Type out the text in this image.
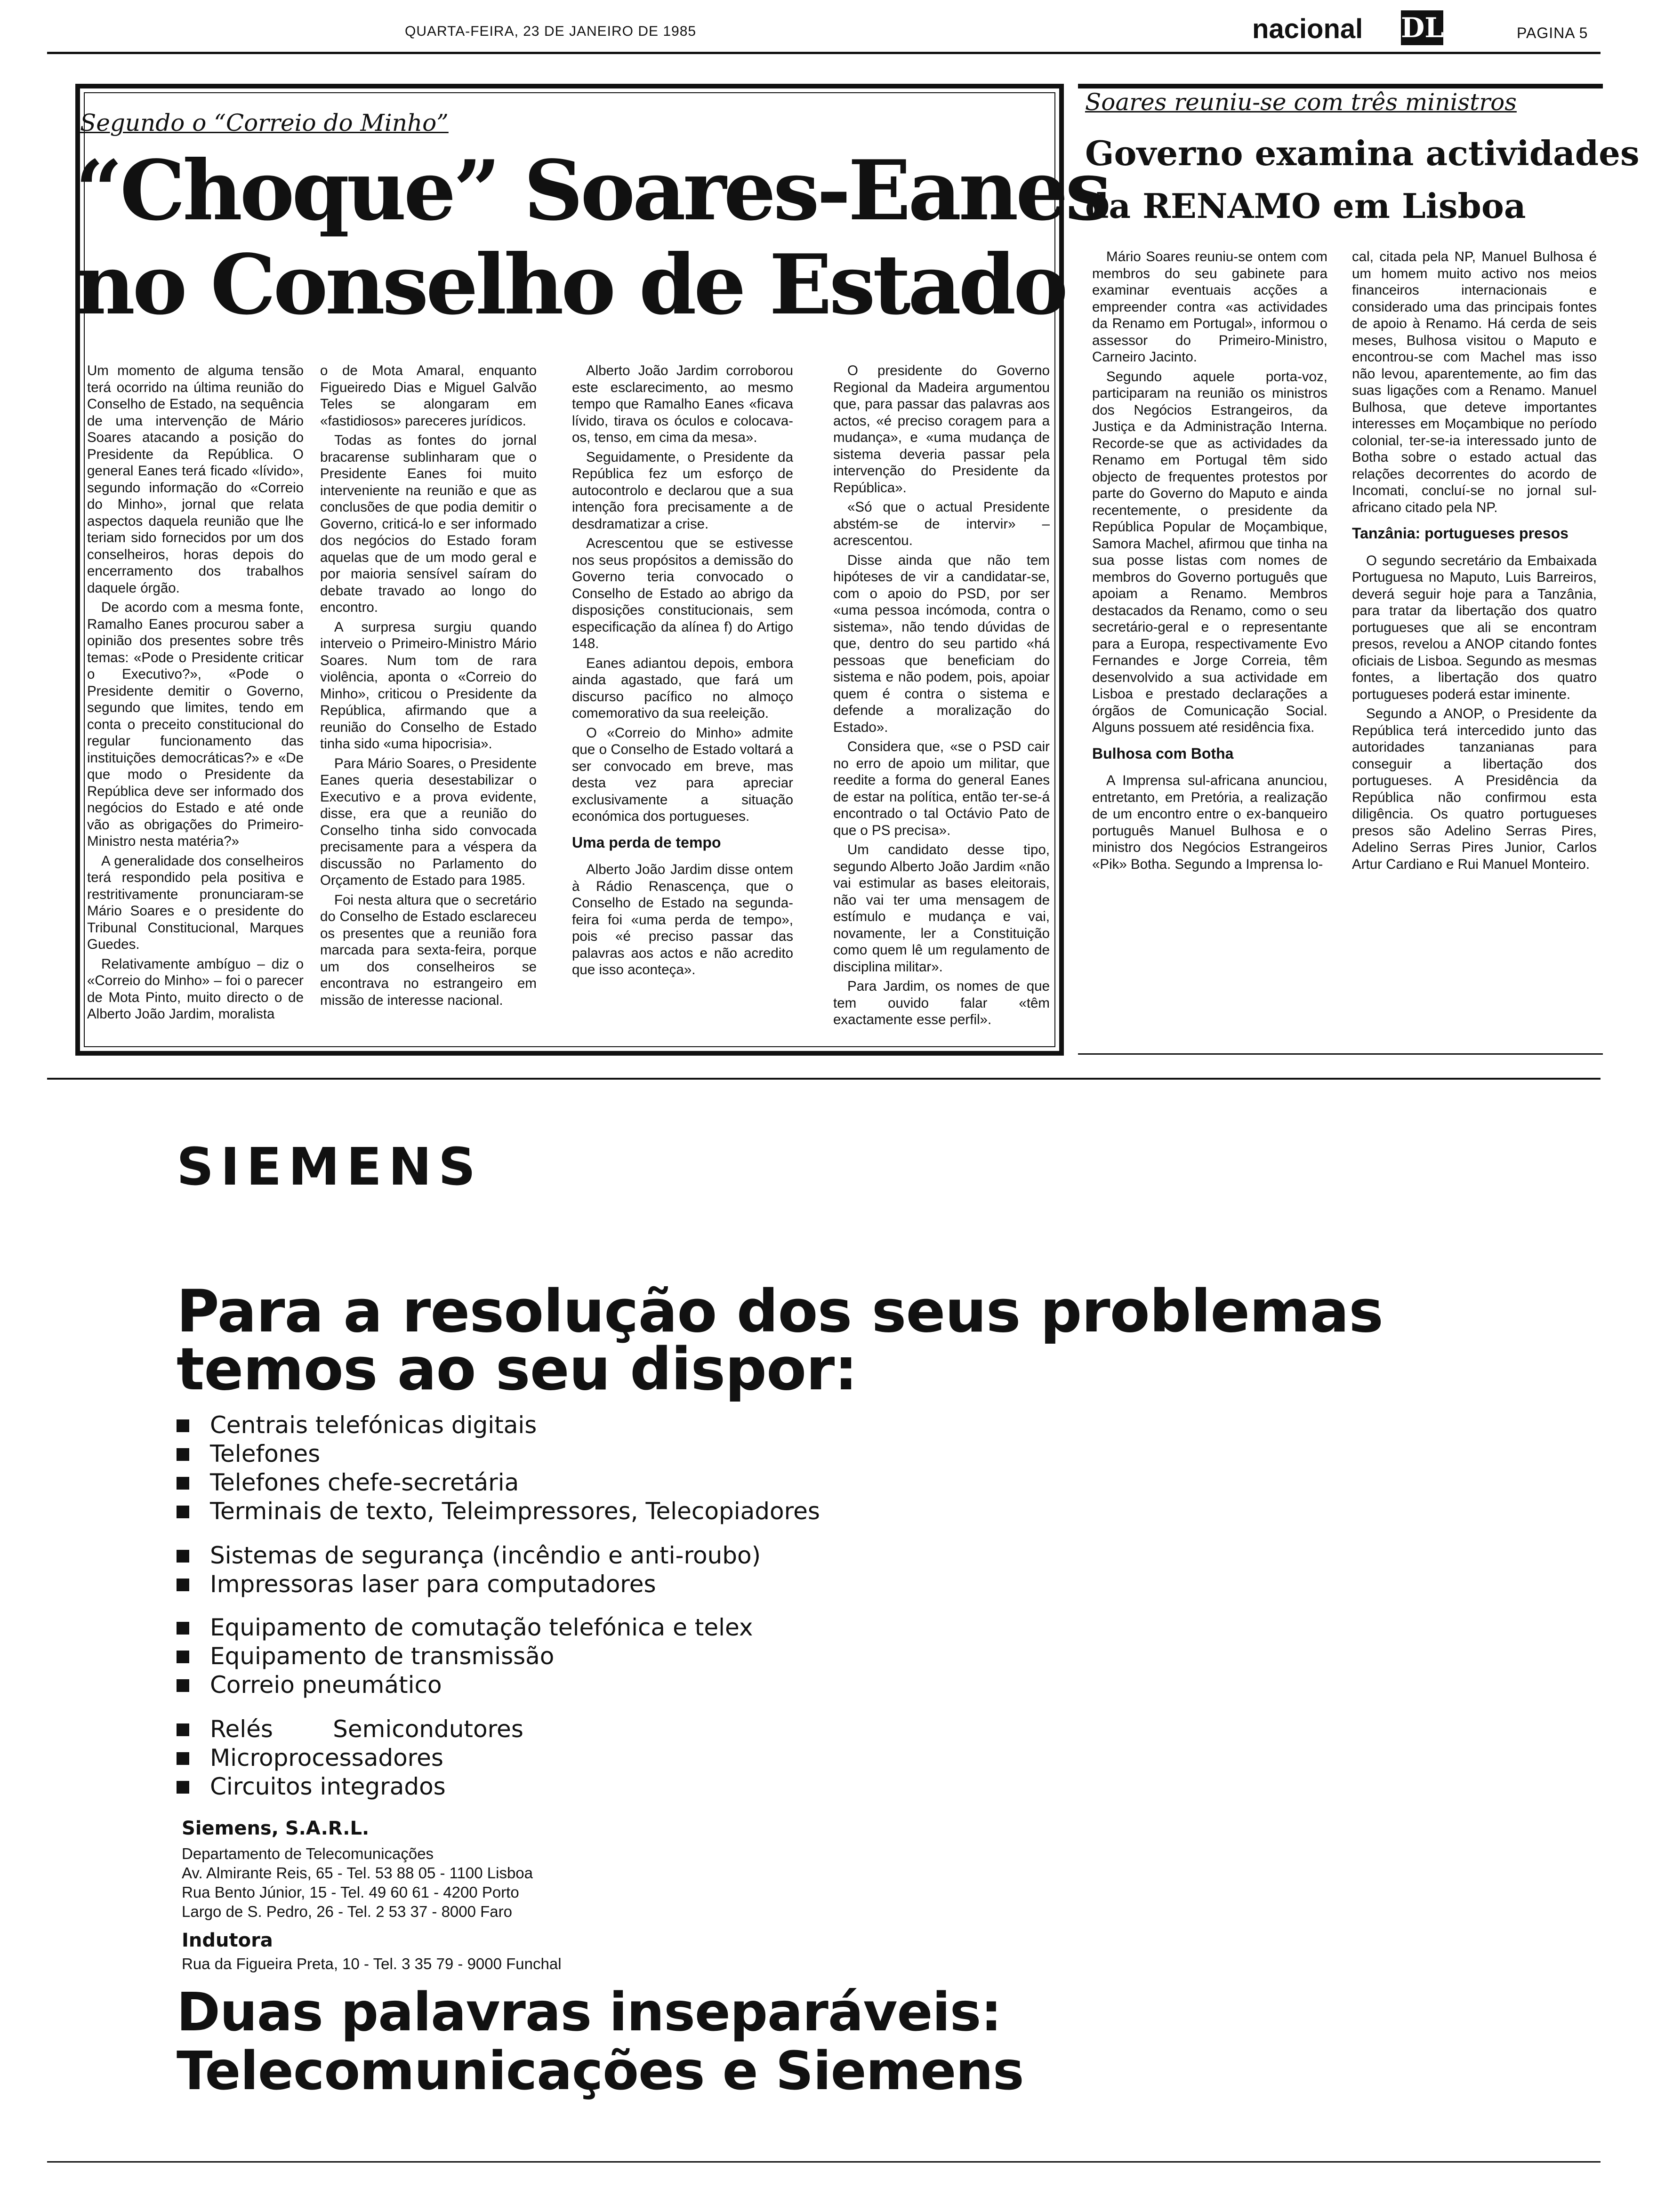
QUARTA-FEIRA, 23 DE JANEIRO DE 1985	nacional DL	PAGINA 5
Segundo o “Correio do Minho”
“Choque” Soares-Eanes
no Conselho de Estado

Um momento de alguma tensão terá ocorrido na última reunião do Conselho de Estado, na sequência de uma intervenção de Mário Soares atacando a posição do Presidente da República. O general Eanes terá ficado «lívido», segundo informação do «Correio do Minho», jornal que relata aspectos daquela reunião que lhe teriam sido fornecidos por um dos conselheiros, horas depois do encerramento dos trabalhos daquele órgão.

De acordo com a mesma fonte, Ramalho Eanes procurou saber a opinião dos presentes sobre três temas: «Pode o Presidente criticar o Executivo?», «Pode o Presidente demitir o Governo, segundo que limites, tendo em conta o preceito constitucional do regular funcionamento das instituições democráticas?» e «De que modo o Presidente da República deve ser informado dos negócios do Estado e até onde vão as obrigações do Primeiro-Ministro nesta matéria?»

A generalidade dos conselheiros terá respondido pela positiva e restritivamente pronunciaram-se Mário Soares e o presidente do Tribunal Constitucional, Marques Guedes.

Relativamente ambíguo – diz o «Correio do Minho» – foi o parecer de Mota Pinto, muito directo o de Alberto João Jardim, moralista

o de Mota Amaral, enquanto Figueiredo Dias e Miguel Galvão Teles se alongaram em «fastidiosos» pareceres jurídicos.

Todas as fontes do jornal bracarense sublinharam que o Presidente Eanes foi muito interveniente na reunião e que as conclusões de que podia demitir o Governo, criticá-lo e ser informado dos negócios do Estado foram aquelas que de um modo geral e por maioria sensível saíram do debate travado ao longo do encontro.

A surpresa surgiu quando interveio o Primeiro-Ministro Mário Soares. Num tom de rara violência, aponta o «Correio do Minho», criticou o Presidente da República, afirmando que a reunião do Conselho de Estado tinha sido «uma hipocrisia».

Para Mário Soares, o Presidente Eanes queria desestabilizar o Executivo e a prova evidente, disse, era que a reunião do Conselho tinha sido convocada precisamente para a véspera da discussão no Parlamento do Orçamento de Estado para 1985.

Foi nesta altura que o secretário do Conselho de Estado esclareceu os presentes que a reunião fora marcada para sexta-feira, porque um dos conselheiros se encontrava no estrangeiro em missão de interesse nacional.

Alberto João Jardim corroborou este esclarecimento, ao mesmo tempo que Ramalho Eanes «ficava lívido, tirava os óculos e colocava-os, tenso, em cima da mesa».

Seguidamente, o Presidente da República fez um esforço de autocontrolo e declarou que a sua intenção fora precisamente a de desdramatizar a crise.

Acrescentou que se estivesse nos seus propósitos a demissão do Governo teria convocado o Conselho de Estado ao abrigo da disposições constitucionais, sem especificação da alínea f) do Artigo 148.

Eanes adiantou depois, embora ainda agastado, que fará um discurso pacífico no almoço comemorativo da sua reeleição.

O «Correio do Minho» admite que o Conselho de Estado voltará a ser convocado em breve, mas desta vez para apreciar exclusivamente a situação económica dos portugueses.

Uma perda de tempo

Alberto João Jardim disse ontem à Rádio Renascença, que o Conselho de Estado na segunda-feira foi «uma perda de tempo», pois «é preciso passar das palavras aos actos e não acredito que isso aconteça».

O presidente do Governo Regional da Madeira argumentou que, para passar das palavras aos actos, «é preciso coragem para a mudança», e «uma mudança de sistema deveria passar pela intervenção do Presidente da República».

«Só que o actual Presidente abstém-se de intervir» – acrescentou.

Disse ainda que não tem hipóteses de vir a candidatar-se, com o apoio do PSD, por ser «uma pessoa incómoda, contra o sistema», não tendo dúvidas de que, dentro do seu partido «há pessoas que beneficiam do sistema e não podem, pois, apoiar quem é contra o sistema e defende a moralização do Estado».

Considera que, «se o PSD cair no erro de apoio um militar, que reedite a forma do general Eanes de estar na política, então ter-se-á encontrado o tal Octávio Pato de que o PS precisa».

Um candidato desse tipo, segundo Alberto João Jardim «não vai estimular as bases eleitorais, não vai ter uma mensagem de estímulo e mudança e vai, novamente, ler a Constituição como quem lê um regulamento de disciplina militar».

Para Jardim, os nomes de que tem ouvido falar «têm exactamente esse perfil».

Soares reuniu-se com três ministros
Governo examina actividades
da RENAMO em Lisboa

Mário Soares reuniu-se ontem com membros do seu gabinete para examinar eventuais acções a empreender contra «as actividades da Renamo em Portugal», informou o assessor do Primeiro-Ministro, Carneiro Jacinto.

Segundo aquele porta-voz, participaram na reunião os ministros dos Negócios Estrangeiros, da Justiça e da Administração Interna. Recorde-se que as actividades da Renamo em Portugal têm sido objecto de frequentes protestos por parte do Governo do Maputo e ainda recentemente, o presidente da República Popular de Moçambique, Samora Machel, afirmou que tinha na sua posse listas com nomes de membros do Governo português que apoiam a Renamo. Membros destacados da Renamo, como o seu secretário-geral e o representante para a Europa, respectivamente Evo Fernandes e Jorge Correia, têm desenvolvido a sua actividade em Lisboa e prestado declarações a órgãos de Comunicação Social. Alguns possuem até residência fixa.

Bulhosa com Botha

A Imprensa sul-africana anunciou, entretanto, em Pretória, a realização de um encontro entre o ex-banqueiro português Manuel Bulhosa e o ministro dos Negócios Estrangeiros «Pik» Botha. Segundo a Imprensa lo-

cal, citada pela NP, Manuel Bulhosa é um homem muito activo nos meios financeiros internacionais e considerado uma das principais fontes de apoio à Renamo. Há cerda de seis meses, Bulhosa visitou o Maputo e encontrou-se com Machel mas isso não levou, aparentemente, ao fim das suas ligações com a Renamo. Manuel Bulhosa, que deteve importantes interesses em Moçambique no período colonial, ter-se-ia interessado junto de Botha sobre o estado actual das relações decorrentes do acordo de Incomati, concluí-se no jornal sul-africano citado pela NP.

Tanzânia: portugueses presos

O segundo secretário da Embaixada Portuguesa no Maputo, Luis Barreiros, deverá seguir hoje para a Tanzânia, para tratar da libertação dos quatro portugueses que ali se encontram presos, revelou a ANOP citando fontes oficiais de Lisboa. Segundo as mesmas fontes, a libertação dos quatro portugueses poderá estar iminente.

Segundo a ANOP, o Presidente da República terá intercedido junto das autoridades tanzanianas para conseguir a libertação dos portugueses. A Presidência da República não confirmou esta diligência. Os quatro portugueses presos são Adelino Serras Pires, Adelino Serras Pires Junior, Carlos Artur Cardiano e Rui Manuel Monteiro.

SIEMENS
Para a resolução dos seus problemas
temos ao seu dispor:
Centrais telefónicas digitais
Telefones
Telefones chefe-secretária
Terminais de texto, Teleimpressores, Telecopiadores
Sistemas de segurança (incêndio e anti-roubo)
Impressoras laser para computadores
Equipamento de comutação telefónica e telex
Equipamento de transmissão
Correio pneumático
Relés        Semicondutores
Microprocessadores
Circuitos integrados
Siemens, S.A.R.L.
Departamento de Telecomunicações
Av. Almirante Reis, 65 - Tel. 53 88 05 - 1100 Lisboa
Rua Bento Júnior, 15 - Tel. 49 60 61 - 4200 Porto
Largo de S. Pedro, 26 - Tel. 2 53 37 - 8000 Faro
Indutora
Rua da Figueira Preta, 10 - Tel. 3 35 79 - 9000 Funchal
Duas palavras inseparáveis:
Telecomunicações e Siemens
